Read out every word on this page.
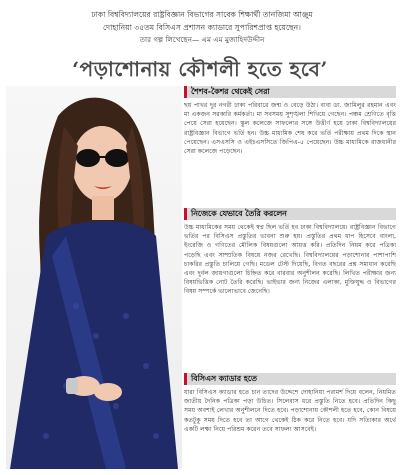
ঢাকা বিশ্ববিদ্যালয়ের রাষ্ট্রবিজ্ঞান বিভাগের সাবেক শিক্ষার্থী তানজিমা আঞ্জুম
দোহানিয়া ৩৫তম বিসিএস প্রশাসন ক্যাডারে সুপারিশপ্রাপ্ত হয়েছেন।
তার গল্প লিখেছেন— এম এম মুজাহিদউদ্দীন
‘পড়াশোনায় কৌশলী হতে হবে’
শৈশব-কৈশর থেকেই সেরা

ছয় পাখর দুর নগরী ঢাকা পরিবারে জন্ম ও বেড়ে উঠা। বাবা ডা. জামিলুর রহমান এবং মা একজন সরকারি কর্মকর্তা। মা সবসময় সুশৃঙ্খলা শিখিয়ে গেছেন। পঞ্চম শ্রেণিতে বৃত্তি পেয়ে সেরা হয়েছেন। স্কুল কলেজে সাফল্যের সঙ্গে উত্তীর্ণ হয়ে ঢাকা বিশ্ববিদ্যালয়ের রাষ্ট্রবিজ্ঞান বিভাগে ভর্তি হন। উচ্চ মাধ্যমিক শেষ করে ভর্তি পরীক্ষায় প্রথম দিকে স্থান পেয়েছেন। এসএসসি ও এইচএসসিতে জিপিএ-৫ পেয়েছেন। উচ্চ মাধ্যমিকে রাজধানীর সেরা কলেজে পড়েছেন।

নিজেকে যেভাবে তৈরি করলেন

উচ্চ মাধ্যমিকের সময় থেকেই স্বপ্ন ছিল ভর্তি হব ঢাকা বিশ্ববিদ্যালয়ে। রাষ্ট্রবিজ্ঞান বিভাগে ভর্তির পর বিসিএস প্রস্তুতির ভাবনা শুরু হয়। প্রস্তুতির প্রথম ধাপ হিসেবে বাংলা, ইংরেজি ও গণিতের মৌলিক বিষয়গুলো আয়ত্ত করি। প্রতিদিন নিয়ম করে পত্রিকা পড়েছি এবং সাম্প্রতিক বিষয়ে নজর রেখেছি। বিশ্ববিদ্যালয়ের পড়াশোনার পাশাপাশি চাকরির প্রস্তুতি চালিয়ে গেছি। মডেল টেস্ট দিয়েছি, বিগত বছরের প্রশ্ন সমাধান করেছি এবং দুর্বল জায়গাগুলো চিহ্নিত করে বারবার অনুশীলন করেছি। লিখিত পরীক্ষার জন্য বিষয়ভিত্তিক নোট তৈরি করেছি। ভাইভার জন্য নিজের এলাকা, মুক্তিযুদ্ধ ও বিভাগের বিষয় সম্পর্কে ভালোভাবে জেনেছি।

বিসিএস ক্যাডার হতে

যারা বিসিএস ক্যাডার হতে চান তাদের উদ্দেশে দোহানিয়া পরামর্শ দিয়ে বলেন, নিয়মিত জাতীয় দৈনিক পত্রিকা পড়া উচিত। সিলেবাস ধরে প্রস্তুতি নিতে হবে। প্রতিদিন কিছু সময় অবশ্যই লেখার অনুশীলনে দিতে হবে। পড়াশোনায় কৌশলী হতে হবে, কোন বিষয়ে কতটুকু সময় দিতে হবে তা আগে থেকেই ঠিক করে নিতে হবে। যদি সত্যিকার অর্থে একটি লক্ষ্য নিয়ে পরিশ্রম করেন তবে সাফল্য আসবেই।
